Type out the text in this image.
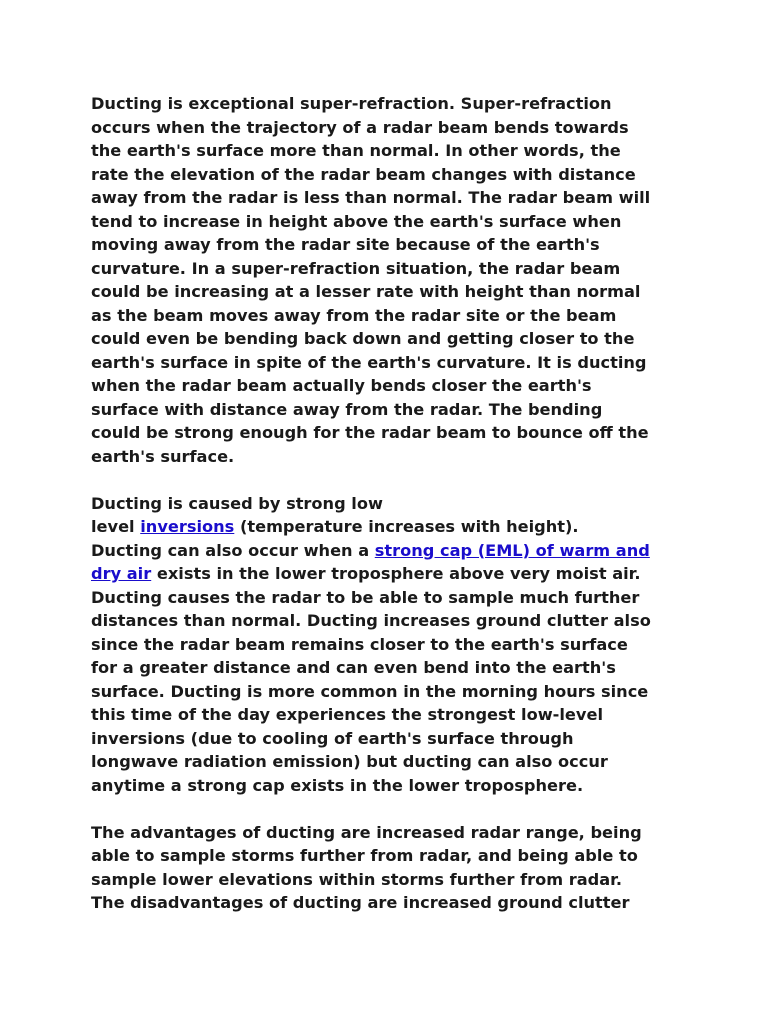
Ducting is exceptional super-refraction. Super-refraction
occurs when the trajectory of a radar beam bends towards
the earth's surface more than normal. In other words, the
rate the elevation of the radar beam changes with distance
away from the radar is less than normal. The radar beam will
tend to increase in height above the earth's surface when
moving away from the radar site because of the earth's
curvature. In a super-refraction situation, the radar beam
could be increasing at a lesser rate with height than normal
as the beam moves away from the radar site or the beam
could even be bending back down and getting closer to the
earth's surface in spite of the earth's curvature. It is ducting
when the radar beam actually bends closer the earth's
surface with distance away from the radar. The bending
could be strong enough for the radar beam to bounce off the
earth's surface.
Ducting is caused by strong low
level inversions (temperature increases with height).
Ducting can also occur when a strong cap (EML) of warm and
dry air exists in the lower troposphere above very moist air.
Ducting causes the radar to be able to sample much further
distances than normal. Ducting increases ground clutter also
since the radar beam remains closer to the earth's surface
for a greater distance and can even bend into the earth's
surface. Ducting is more common in the morning hours since
this time of the day experiences the strongest low-level
inversions (due to cooling of earth's surface through
longwave radiation emission) but ducting can also occur
anytime a strong cap exists in the lower troposphere.
The advantages of ducting are increased radar range, being
able to sample storms further from radar, and being able to
sample lower elevations within storms further from radar.
The disadvantages of ducting are increased ground clutter
